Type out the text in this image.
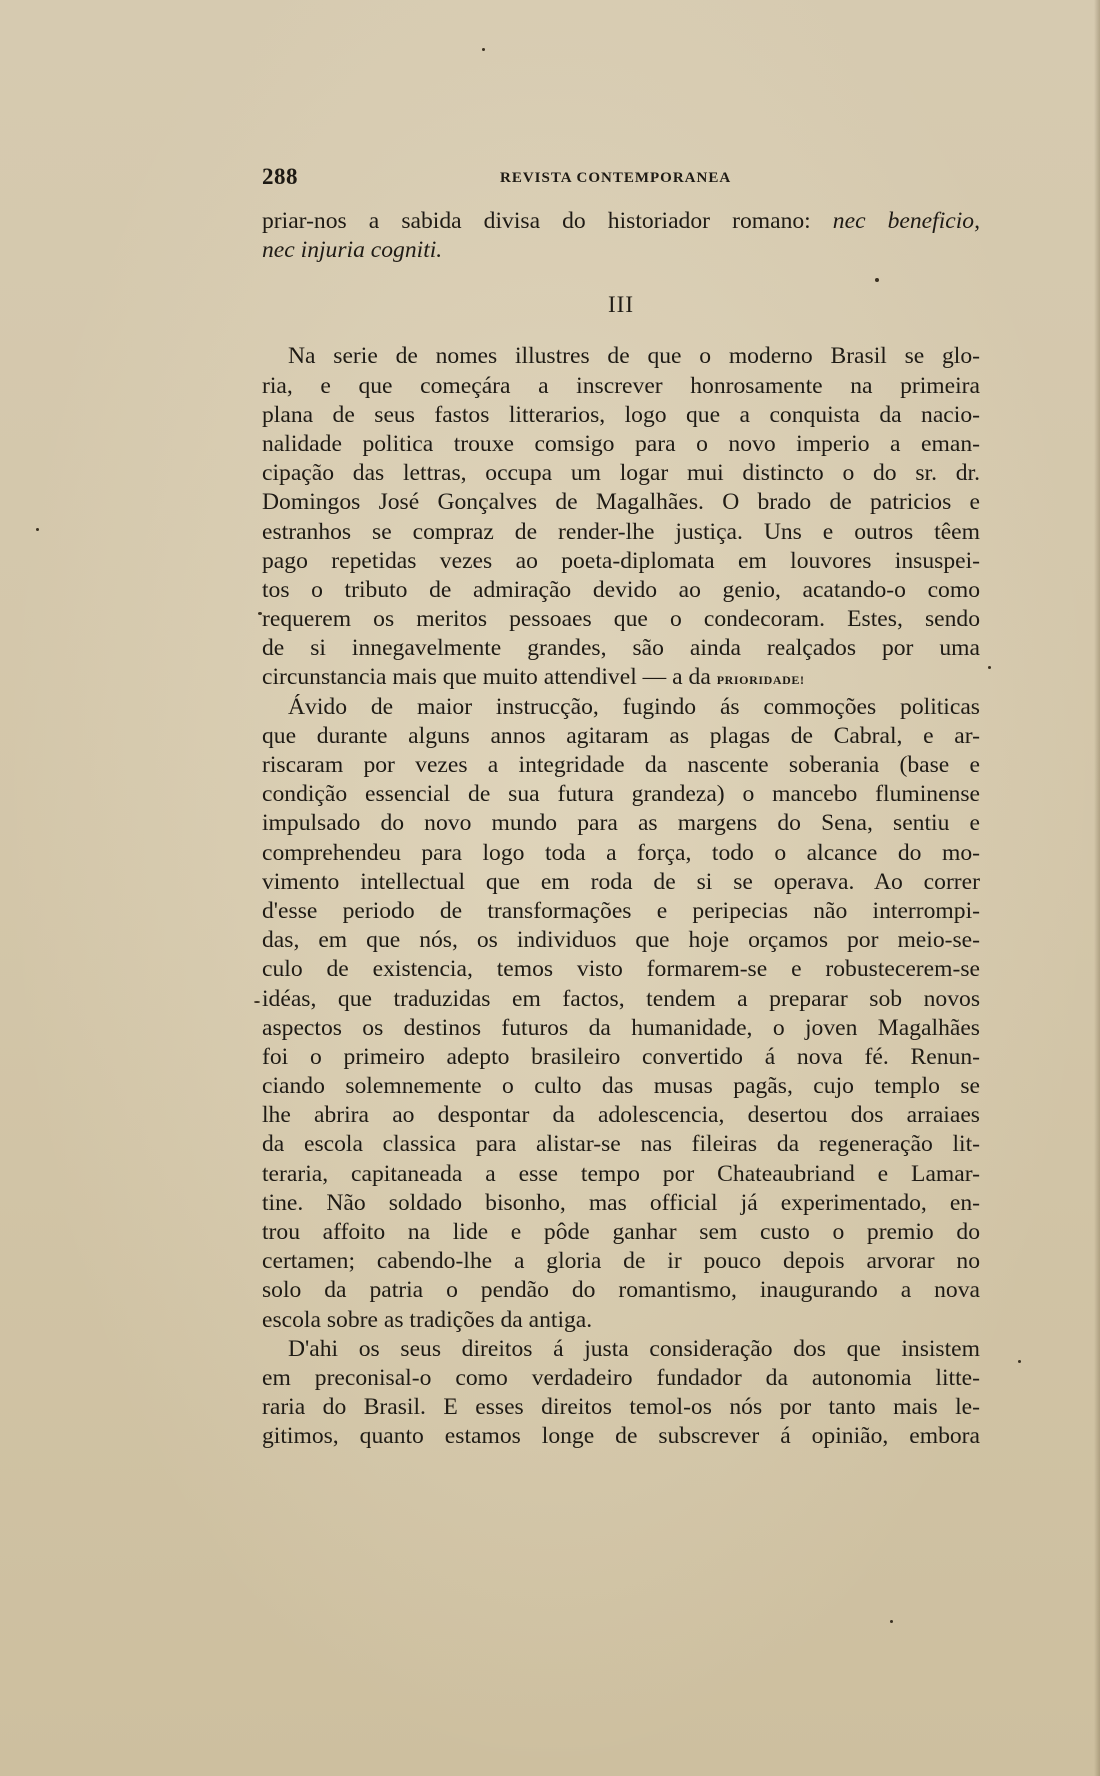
288	REVISTA CONTEMPORANEA

priar-nos a sabida divisa do historiador romano: nec beneficio,
nec injuria cogniti.

III

Na serie de nomes illustres de que o moderno Brasil se glo-
ria, e que começára a inscrever honrosamente na primeira
plana de seus fastos litterarios, logo que a conquista da nacio-
nalidade politica trouxe comsigo para o novo imperio a eman-
cipação das lettras, occupa um logar mui distincto o do sr. dr.
Domingos José Gonçalves de Magalhães. O brado de patricios e
estranhos se compraz de render-lhe justiça. Uns e outros têem
pago repetidas vezes ao poeta-diplomata em louvores insuspei-
tos o tributo de admiração devido ao genio, acatando-o como
requerem os meritos pessoaes que o condecoram. Estes, sendo
de si innegavelmente grandes, são ainda realçados por uma
circunstancia mais que muito attendivel — a da PRIORIDADE!

Ávido de maior instrucção, fugindo ás commoções politicas
que durante alguns annos agitaram as plagas de Cabral, e ar-
riscaram por vezes a integridade da nascente soberania (base e
condição essencial de sua futura grandeza) o mancebo fluminense
impulsado do novo mundo para as margens do Sena, sentiu e
comprehendeu para logo toda a força, todo o alcance do mo-
vimento intellectual que em roda de si se operava. Ao correr
d'esse periodo de transformações e peripecias não interrompi-
das, em que nós, os individuos que hoje orçamos por meio-se-
culo de existencia, temos visto formarem-se e robustecerem-se
idéas, que traduzidas em factos, tendem a preparar sob novos
aspectos os destinos futuros da humanidade, o joven Magalhães
foi o primeiro adepto brasileiro convertido á nova fé. Renun-
ciando solemnemente o culto das musas pagãs, cujo templo se
lhe abrira ao despontar da adolescencia, desertou dos arraiaes
da escola classica para alistar-se nas fileiras da regeneração lit-
teraria, capitaneada a esse tempo por Chateaubriand e Lamar-
tine. Não soldado bisonho, mas official já experimentado, en-
trou affoito na lide e pôde ganhar sem custo o premio do
certamen; cabendo-lhe a gloria de ir pouco depois arvorar no
solo da patria o pendão do romantismo, inaugurando a nova
escola sobre as tradições da antiga.

D'ahi os seus direitos á justa consideração dos que insistem
em preconisal-o como verdadeiro fundador da autonomia litte-
raria do Brasil. E esses direitos temol-os nós por tanto mais le-
gitimos, quanto estamos longe de subscrever á opinião, embora
